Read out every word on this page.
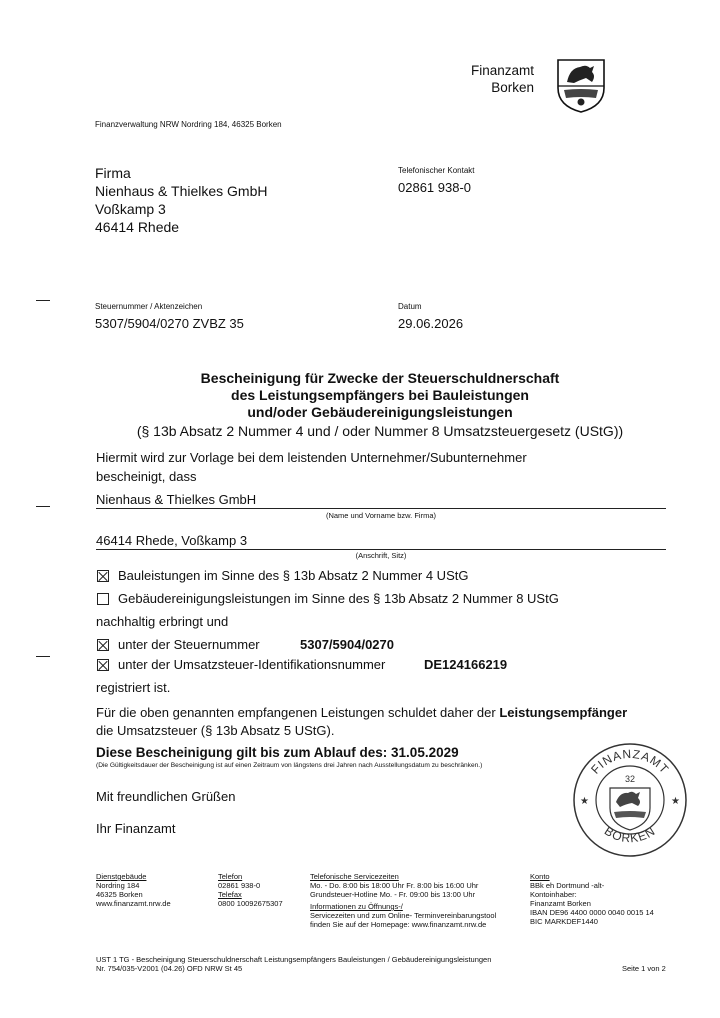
Finanzamt
Borken
Finanzverwaltung NRW Nordring 184, 46325 Borken
Firma
Nienhaus & Thielkes GmbH
Voßkamp 3
46414 Rhede
Telefonischer Kontakt
02861 938-0
Steuernummer / Aktenzeichen
5307/5904/0270 ZVBZ 35
Datum
29.06.2026
Bescheinigung für Zwecke der Steuerschuldnerschaft
des Leistungsempfängers bei Bauleistungen
und/oder Gebäudereinigungsleistungen
(§ 13b Absatz 2 Nummer 4 und / oder Nummer 8 Umsatzsteuergesetz (UStG))
Hiermit wird zur Vorlage bei dem leistenden Unternehmer/Subunternehmer
bescheinigt, dass
Nienhaus & Thielkes GmbH
(Name und Vorname bzw. Firma)
46414 Rhede, Voßkamp 3
(Anschrift, Sitz)
Bauleistungen im Sinne des § 13b Absatz 2 Nummer 4 UStG
Gebäudereinigungsleistungen im Sinne des § 13b Absatz 2 Nummer 8 UStG
nachhaltig erbringt und
unter der Steuernummer	5307/5904/0270
unter der Umsatzsteuer-Identifikationsnummer	DE124166219
registriert ist.
Für die oben genannten empfangenen Leistungen schuldet daher der Leistungsempfänger
die Umsatzsteuer (§ 13b Absatz 5 UStG).
Diese Bescheinigung gilt bis zum Ablauf des: 31.05.2029
(Die Gültigkeitsdauer der Bescheinigung ist auf einen Zeitraum von längstens drei Jahren nach Ausstellungsdatum zu beschränken.)
Mit freundlichen Grüßen
Ihr Finanzamt
FINANZAMT
BORKEN
32
★	★
Dienstgebäude
Nordring 184
46325 Borken
www.finanzamt.nrw.de
Telefon
02861 938-0
Telefax
0800 10092675307
Telefonische Servicezeiten
Mo. - Do. 8:00 bis 18:00 Uhr Fr. 8:00 bis 16:00 Uhr
Grundsteuer-Hotline Mo. - Fr. 09:00 bis 13:00 Uhr
Informationen zu Öffnungs-/
Servicezeiten und zum Online- Terminvereinbarungstool
finden Sie auf der Homepage: www.finanzamt.nrw.de
Konto
BBk eh Dortmund -alt-
Kontoinhaber:
Finanzamt Borken
IBAN DE96 4400 0000 0040 0015 14
BIC MARKDEF1440
UST 1 TG - Bescheinigung Steuerschuldnerschaft Leistungsempfängers Bauleistungen / Gebäudereinigungsleistungen
Nr. 754/035-V2001 (04.26) OFD NRW St 45	Seite 1 von 2
